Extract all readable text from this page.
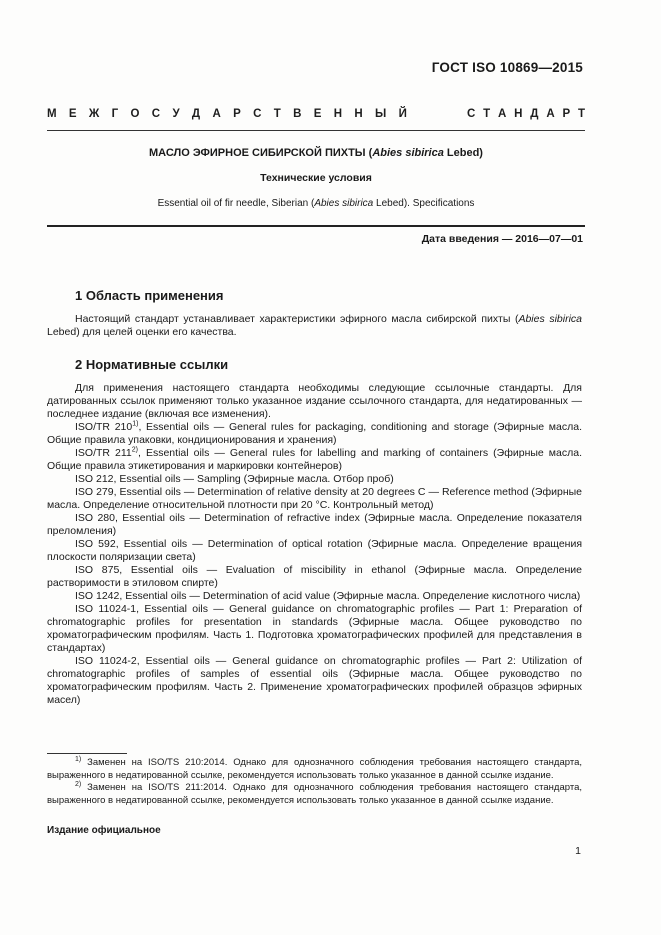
ГОСТ ISO 10869—2015
М Е Ж Г О С У Д А Р С Т В Е Н Н Ы Й	С Т А Н Д А Р Т
МАСЛО ЭФИРНОЕ СИБИРСКОЙ ПИХТЫ (Abies sibirica Lebed)
Технические условия
Essential oil of fir needle, Siberian (Abies sibirica Lebed). Specifications
Дата введения — 2016—07—01
1 Область применения

Настоящий стандарт устанавливает характеристики эфирного масла сибирской пихты (Abies sibirica Lebed) для целей оценки его качества.

2 Нормативные ссылки

Для применения настоящего стандарта необходимы следующие ссылочные стандарты. Для датированных ссылок применяют только указанное издание ссылочного стандарта, для недатированных — последнее издание (включая все изменения).

ISO/TR 210$^{1)}$, Essential oils — General rules for packaging, conditioning and storage (Эфирные масла. Общие правила упаковки, кондиционирования и хранения)

ISO/TR 211$^{2)}$, Essential oils — General rules for labelling and marking of containers (Эфирные масла. Общие правила этикетирования и маркировки контейнеров)

ISO 212, Essential oils — Sampling (Эфирные масла. Отбор проб)

ISO 279, Essential oils — Determination of relative density at 20 degrees C — Reference method (Эфирные масла. Определение относительной плотности при 20 °C. Контрольный метод)

ISO 280, Essential oils — Determination of refractive index (Эфирные масла. Определение показателя преломления)

ISO 592, Essential oils — Determination of optical rotation (Эфирные масла. Определение вращения плоскости поляризации света)

ISO 875, Essential oils — Evaluation of miscibility in ethanol (Эфирные масла. Определение растворимости в этиловом спирте)

ISO 1242, Essential oils — Determination of acid value (Эфирные масла. Определение кислотного числа)

ISO 11024-1, Essential oils — General guidance on chromatographic profiles — Part 1: Preparation of chromatographic profiles for presentation in standards (Эфирные масла. Общее руководство по хроматографическим профилям. Часть 1. Подготовка хроматографических профилей для представления в стандартах)

ISO 11024-2, Essential oils — General guidance on chromatographic profiles — Part 2: Utilization of chromatographic profiles of samples of essential oils (Эфирные масла. Общее руководство по хроматографическим профилям. Часть 2. Применение хроматографических профилей образцов эфирных масел)

$^{1)}$ Заменен на ISO/TS 210:2014. Однако для однозначного соблюдения требования настоящего стандарта, выраженного в недатированной ссылке, рекомендуется использовать только указанное в данной ссылке издание.

$^{2)}$ Заменен на ISO/TS 211:2014. Однако для однозначного соблюдения требования настоящего стандарта, выраженного в недатированной ссылке, рекомендуется использовать только указанное в данной ссылке издание.

Издание официальное
1
